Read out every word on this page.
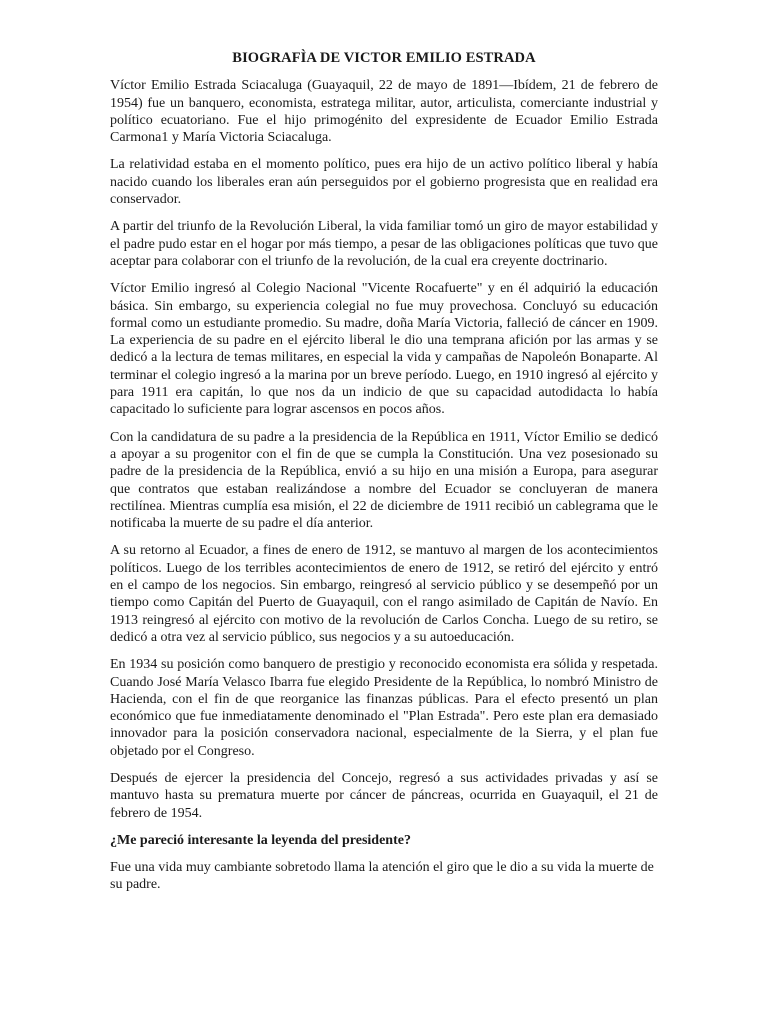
BIOGRAFÌA DE VICTOR EMILIO ESTRADA

Víctor Emilio Estrada Sciacaluga (Guayaquil, 22 de mayo de 1891—Ibídem, 21 de febrero de 1954) fue un banquero, economista, estratega militar, autor, articulista, comerciante industrial y político ecuatoriano. Fue el hijo primogénito del expresidente de Ecuador Emilio Estrada Carmona1 y María Victoria Sciacaluga.

La relatividad estaba en el momento político, pues era hijo de un activo político liberal y había nacido cuando los liberales eran aún perseguidos por el gobierno progresista que en realidad era conservador.

A partir del triunfo de la Revolución Liberal, la vida familiar tomó un giro de mayor estabilidad y el padre pudo estar en el hogar por más tiempo, a pesar de las obligaciones políticas que tuvo que aceptar para colaborar con el triunfo de la revolución, de la cual era creyente doctrinario.

Víctor Emilio ingresó al Colegio Nacional "Vicente Rocafuerte" y en él adquirió la educación básica. Sin embargo, su experiencia colegial no fue muy provechosa. Concluyó su educación formal como un estudiante promedio. Su madre, doña María Victoria, falleció de cáncer en 1909. La experiencia de su padre en el ejército liberal le dio una temprana afición por las armas y se dedicó a la lectura de temas militares, en especial la vida y campañas de Napoleón Bonaparte. Al terminar el colegio ingresó a la marina por un breve período. Luego, en 1910 ingresó al ejército y para 1911 era capitán, lo que nos da un indicio de que su capacidad autodidacta lo había capacitado lo suficiente para lograr ascensos en pocos años.

Con la candidatura de su padre a la presidencia de la República en 1911, Víctor Emilio se dedicó a apoyar a su progenitor con el fin de que se cumpla la Constitución. Una vez posesionado su padre de la presidencia de la República, envió a su hijo en una misión a Europa, para asegurar que contratos que estaban realizándose a nombre del Ecuador se concluyeran de manera rectilínea. Mientras cumplía esa misión, el 22 de diciembre de 1911 recibió un cablegrama que le notificaba la muerte de su padre el día anterior.

A su retorno al Ecuador, a fines de enero de 1912, se mantuvo al margen de los acontecimientos políticos. Luego de los terribles acontecimientos de enero de 1912, se retiró del ejército y entró en el campo de los negocios. Sin embargo, reingresó al servicio público y se desempeñó por un tiempo como Capitán del Puerto de Guayaquil, con el rango asimilado de Capitán de Navío. En 1913 reingresó al ejército con motivo de la revolución de Carlos Concha. Luego de su retiro, se dedicó a otra vez al servicio público, sus negocios y a su autoeducación.

En 1934 su posición como banquero de prestigio y reconocido economista era sólida y respetada. Cuando José María Velasco Ibarra fue elegido Presidente de la República, lo nombró Ministro de Hacienda, con el fin de que reorganice las finanzas públicas. Para el efecto presentó un plan económico que fue inmediatamente denominado el "Plan Estrada". Pero este plan era demasiado innovador para la posición conservadora nacional, especialmente de la Sierra, y el plan fue objetado por el Congreso.

Después de ejercer la presidencia del Concejo, regresó a sus actividades privadas y así se mantuvo hasta su prematura muerte por cáncer de páncreas, ocurrida en Guayaquil, el 21 de febrero de 1954.

¿Me pareció interesante la leyenda del presidente?

Fue una vida muy cambiante sobretodo llama la atención el giro que le dio a su vida la muerte de su padre.
